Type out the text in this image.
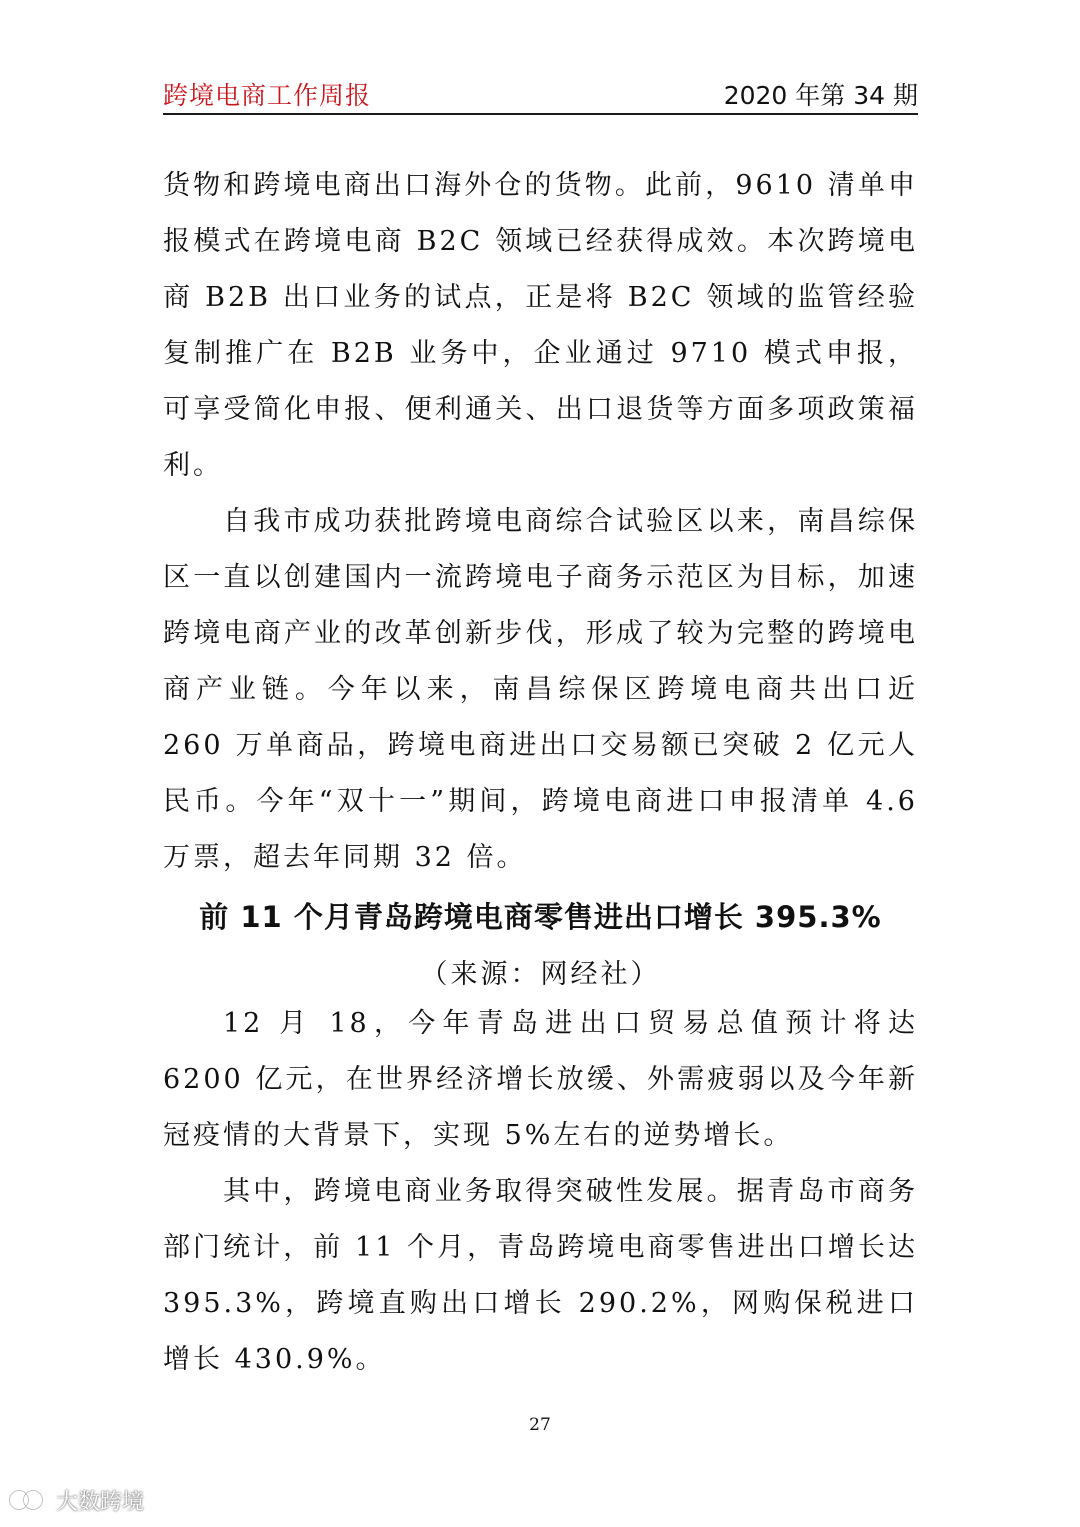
跨境电商工作周报	2020 年第 34 期

货物和跨境电商出口海外仓的货物。此前，9610 清单申报模式在跨境电商 B2C 领域已经获得成效。本次跨境电商 B2B 出口业务的试点，正是将 B2C 领域的监管经验复制推广在 B2B 业务中，企业通过 9710 模式申报，可享受简化申报、便利通关、出口退货等方面多项政策福利。

自我市成功获批跨境电商综合试验区以来，南昌综保区一直以创建国内一流跨境电子商务示范区为目标，加速跨境电商产业的改革创新步伐，形成了较为完整的跨境电商产业链。今年以来，南昌综保区跨境电商共出口近 260 万单商品，跨境电商进出口交易额已突破 2 亿元人民币。今年“双十一”期间，跨境电商进口申报清单 4.6 万票，超去年同期 32 倍。

前 11 个月青岛跨境电商零售进出口增长 395.3%
（来源：网经社）

12 月 18，今年青岛进出口贸易总值预计将达 6200 亿元，在世界经济增长放缓、外需疲弱以及今年新冠疫情的大背景下，实现 5%左右的逆势增长。

其中，跨境电商业务取得突破性发展。据青岛市商务部门统计，前 11 个月，青岛跨境电商零售进出口增长达 395.3%，跨境直购出口增长 290.2%，网购保税进口增长 430.9%。

27
大数跨境
